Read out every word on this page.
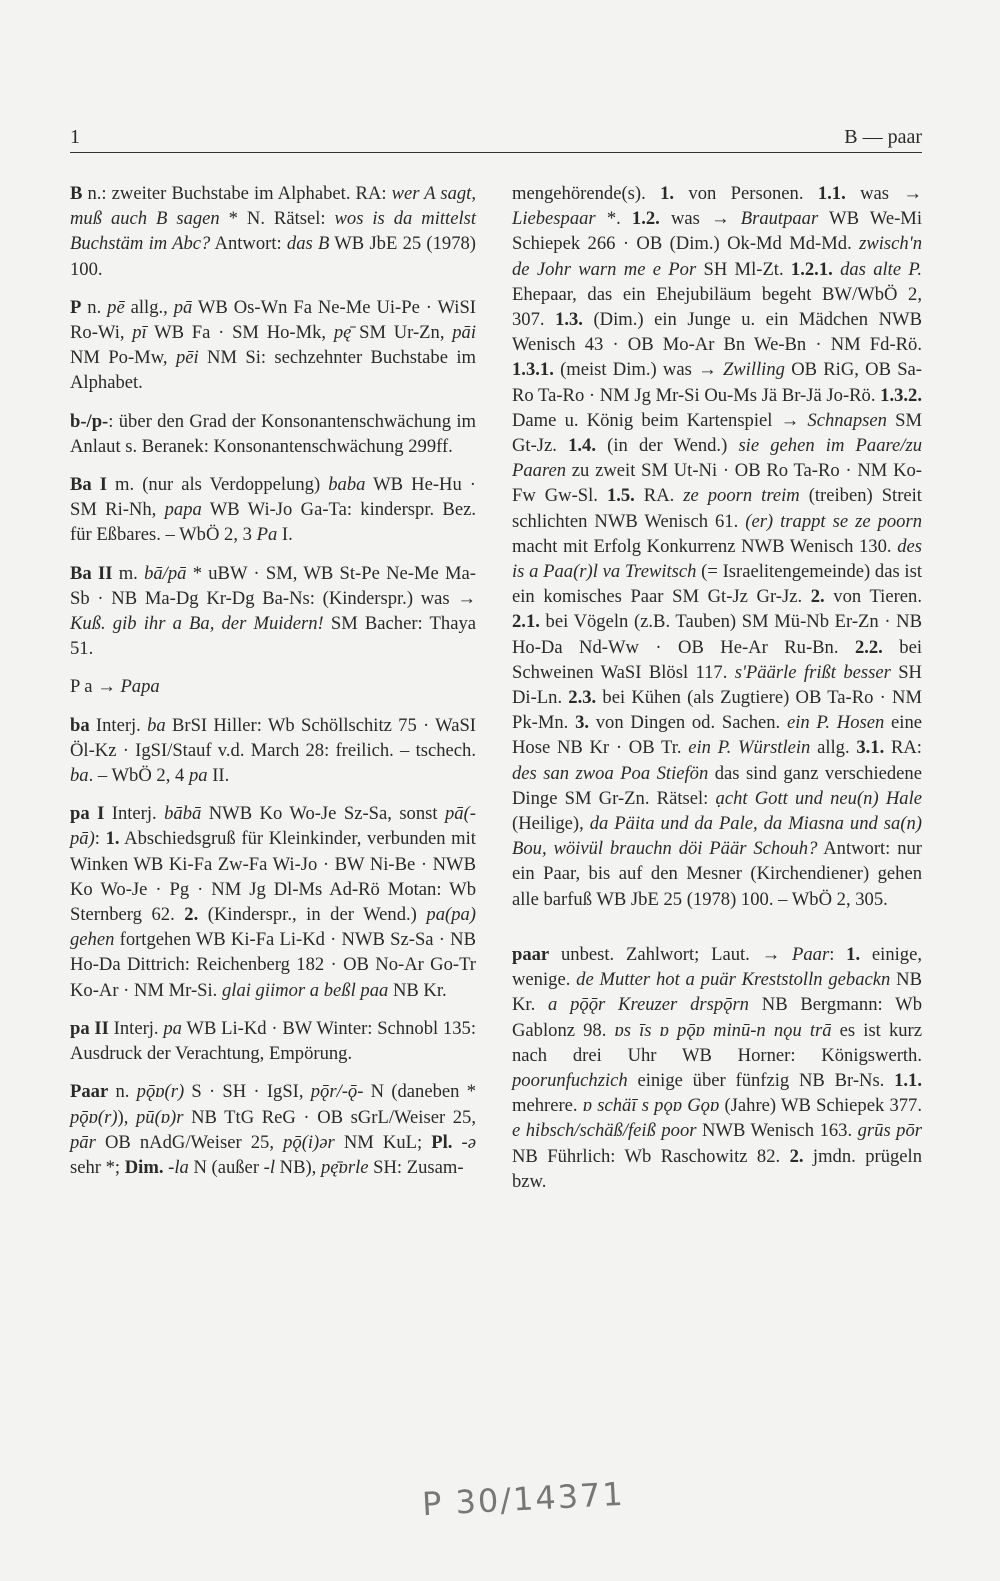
1	B — paar

B n.: zweiter Buchstabe im Alphabet. RA: wer A sagt, muß auch B sagen * N. Rätsel: wos is da mittelst Buchstäm im Abc? Antwort: das B WB JbE 25 (1978) 100.

P n. pē allg., pā WB Os-Wn Fa Ne-Me Ui-Pe · WiSI Ro-Wi, pī WB Fa · SM Ho-Mk, pę̄ SM Ur-Zn, pāi NM Po-Mw, pēi NM Si: sechzehnter Buchstabe im Alphabet.

b-/p-: über den Grad der Konsonantenschwächung im Anlaut s. Beranek: Konsonantenschwächung 299ff.

Ba I m. (nur als Verdoppelung) baba WB He-Hu · SM Ri-Nh, papa WB Wi-Jo Ga-Ta: kinderspr. Bez. für Eßbares. – WbÖ 2, 3 Pa I.

Ba II m. bā/pā * uBW · SM, WB St-Pe Ne-Me Ma-Sb · NB Ma-Dg Kr-Dg Ba-Ns: (Kinderspr.) was → Kuß. gib ihr a Ba, der Muidern! SM Bacher: Thaya 51.

P a → Papa

ba Interj. ba BrSI Hiller: Wb Schöllschitz 75 · WaSI Öl-Kz · IgSI/Stauf v.d. March 28: freilich. – tschech. ba. – WbÖ 2, 4 pa II.

pa I Interj. bābā NWB Ko Wo-Je Sz-Sa, sonst pā(-pā): 1. Abschiedsgruß für Kleinkinder, verbunden mit Winken WB Ki-Fa Zw-Fa Wi-Jo · BW Ni-Be · NWB Ko Wo-Je · Pg · NM Jg Dl-Ms Ad-Rö Motan: Wb Sternberg 62. 2. (Kinderspr., in der Wend.) pa(pa) gehen fortgehen WB Ki-Fa Li-Kd · NWB Sz-Sa · NB Ho-Da Dittrich: Reichenberg 182 · OB No-Ar Go-Tr Ko-Ar · NM Mr-Si. glai giimor a beßl paa NB Kr.

pa II Interj. pa WB Li-Kd · BW Winter: Schnobl 135: Ausdruck der Verachtung, Empörung.

Paar n. pǭɒ(r) S · SH · IgSI, pǭr/-ǭ- N (daneben * pǭɒ(r)), pū(ɒ)r NB TtG ReG · OB sGrL/Weiser 25, pār OB nAdG/Weiser 25, pǭ(i)ər NM KuL; Pl. -ə sehr *; Dim. -la N (außer -l NB), pę̄ɒrle SH: Zusam-

mengehörende(s). 1. von Personen. 1.1. was → Liebespaar *. 1.2. was → Brautpaar WB We-Mi Schiepek 266 · OB (Dim.) Ok-Md Md-Md. zwisch'n de Johr warn me e Por SH Ml-Zt. 1.2.1. das alte P. Ehepaar, das ein Ehejubiläum begeht BW/WbÖ 2, 307. 1.3. (Dim.) ein Junge u. ein Mädchen NWB Wenisch 43 · OB Mo-Ar Bn We-Bn · NM Fd-Rö. 1.3.1. (meist Dim.) was → Zwilling OB RiG, OB Sa-Ro Ta-Ro · NM Jg Mr-Si Ou-Ms Jä Br-Jä Jo-Rö. 1.3.2. Dame u. König beim Kartenspiel → Schnapsen SM Gt-Jz. 1.4. (in der Wend.) sie gehen im Paare/zu Paaren zu zweit SM Ut-Ni · OB Ro Ta-Ro · NM Ko-Fw Gw-Sl. 1.5. RA. ze poorn treim (treiben) Streit schlichten NWB Wenisch 61. (er) trappt se ze poorn macht mit Erfolg Konkurrenz NWB Wenisch 130. des is a Paa(r)l va Trewitsch (= Israelitengemeinde) das ist ein komisches Paar SM Gt-Jz Gr-Jz. 2. von Tieren. 2.1. bei Vögeln (z.B. Tauben) SM Mü-Nb Er-Zn · NB Ho-Da Nd-Ww · OB He-Ar Ru-Bn. 2.2. bei Schweinen WaSI Blösl 117. s'Päärle frißt besser SH Di-Ln. 2.3. bei Kühen (als Zugtiere) OB Ta-Ro · NM Pk-Mn. 3. von Dingen od. Sachen. ein P. Hosen eine Hose NB Kr · OB Tr. ein P. Würstlein allg. 3.1. RA: des san zwoa Poa Stiefön das sind ganz verschiedene Dinge SM Gr-Zn. Rätsel: ạcht Gott und neu(n) Hale (Heilige), da Päita und da Pale, da Miasna und sa(n) Bou, wöivül brauchn döi Päär Schouh? Antwort: nur ein Paar, bis auf den Mesner (Kirchendiener) gehen alle barfuß WB JbE 25 (1978) 100. – WbÖ 2, 305.

paar unbest. Zahlwort; Laut. → Paar: 1. einige, wenige. de Mutter hot a puär Kreststolln gebackn NB Kr. a pǭǭr Kreuzer drspǭrn NB Bergmann: Wb Gablonz 98. ɒs īs ɒ pǭɒ minū-n nǫu trā es ist kurz nach drei Uhr WB Horner: Königswerth. poorunfuchzich einige über fünfzig NB Br-Ns. 1.1. mehrere. ɒ schäī s pǫɒ Gǫɒ (Jahre) WB Schiepek 377. e hibsch/schäß/feiß poor NWB Wenisch 163. grūs pōr NB Führlich: Wb Raschowitz 82. 2. jmdn. prügeln bzw.

P 30/14371
